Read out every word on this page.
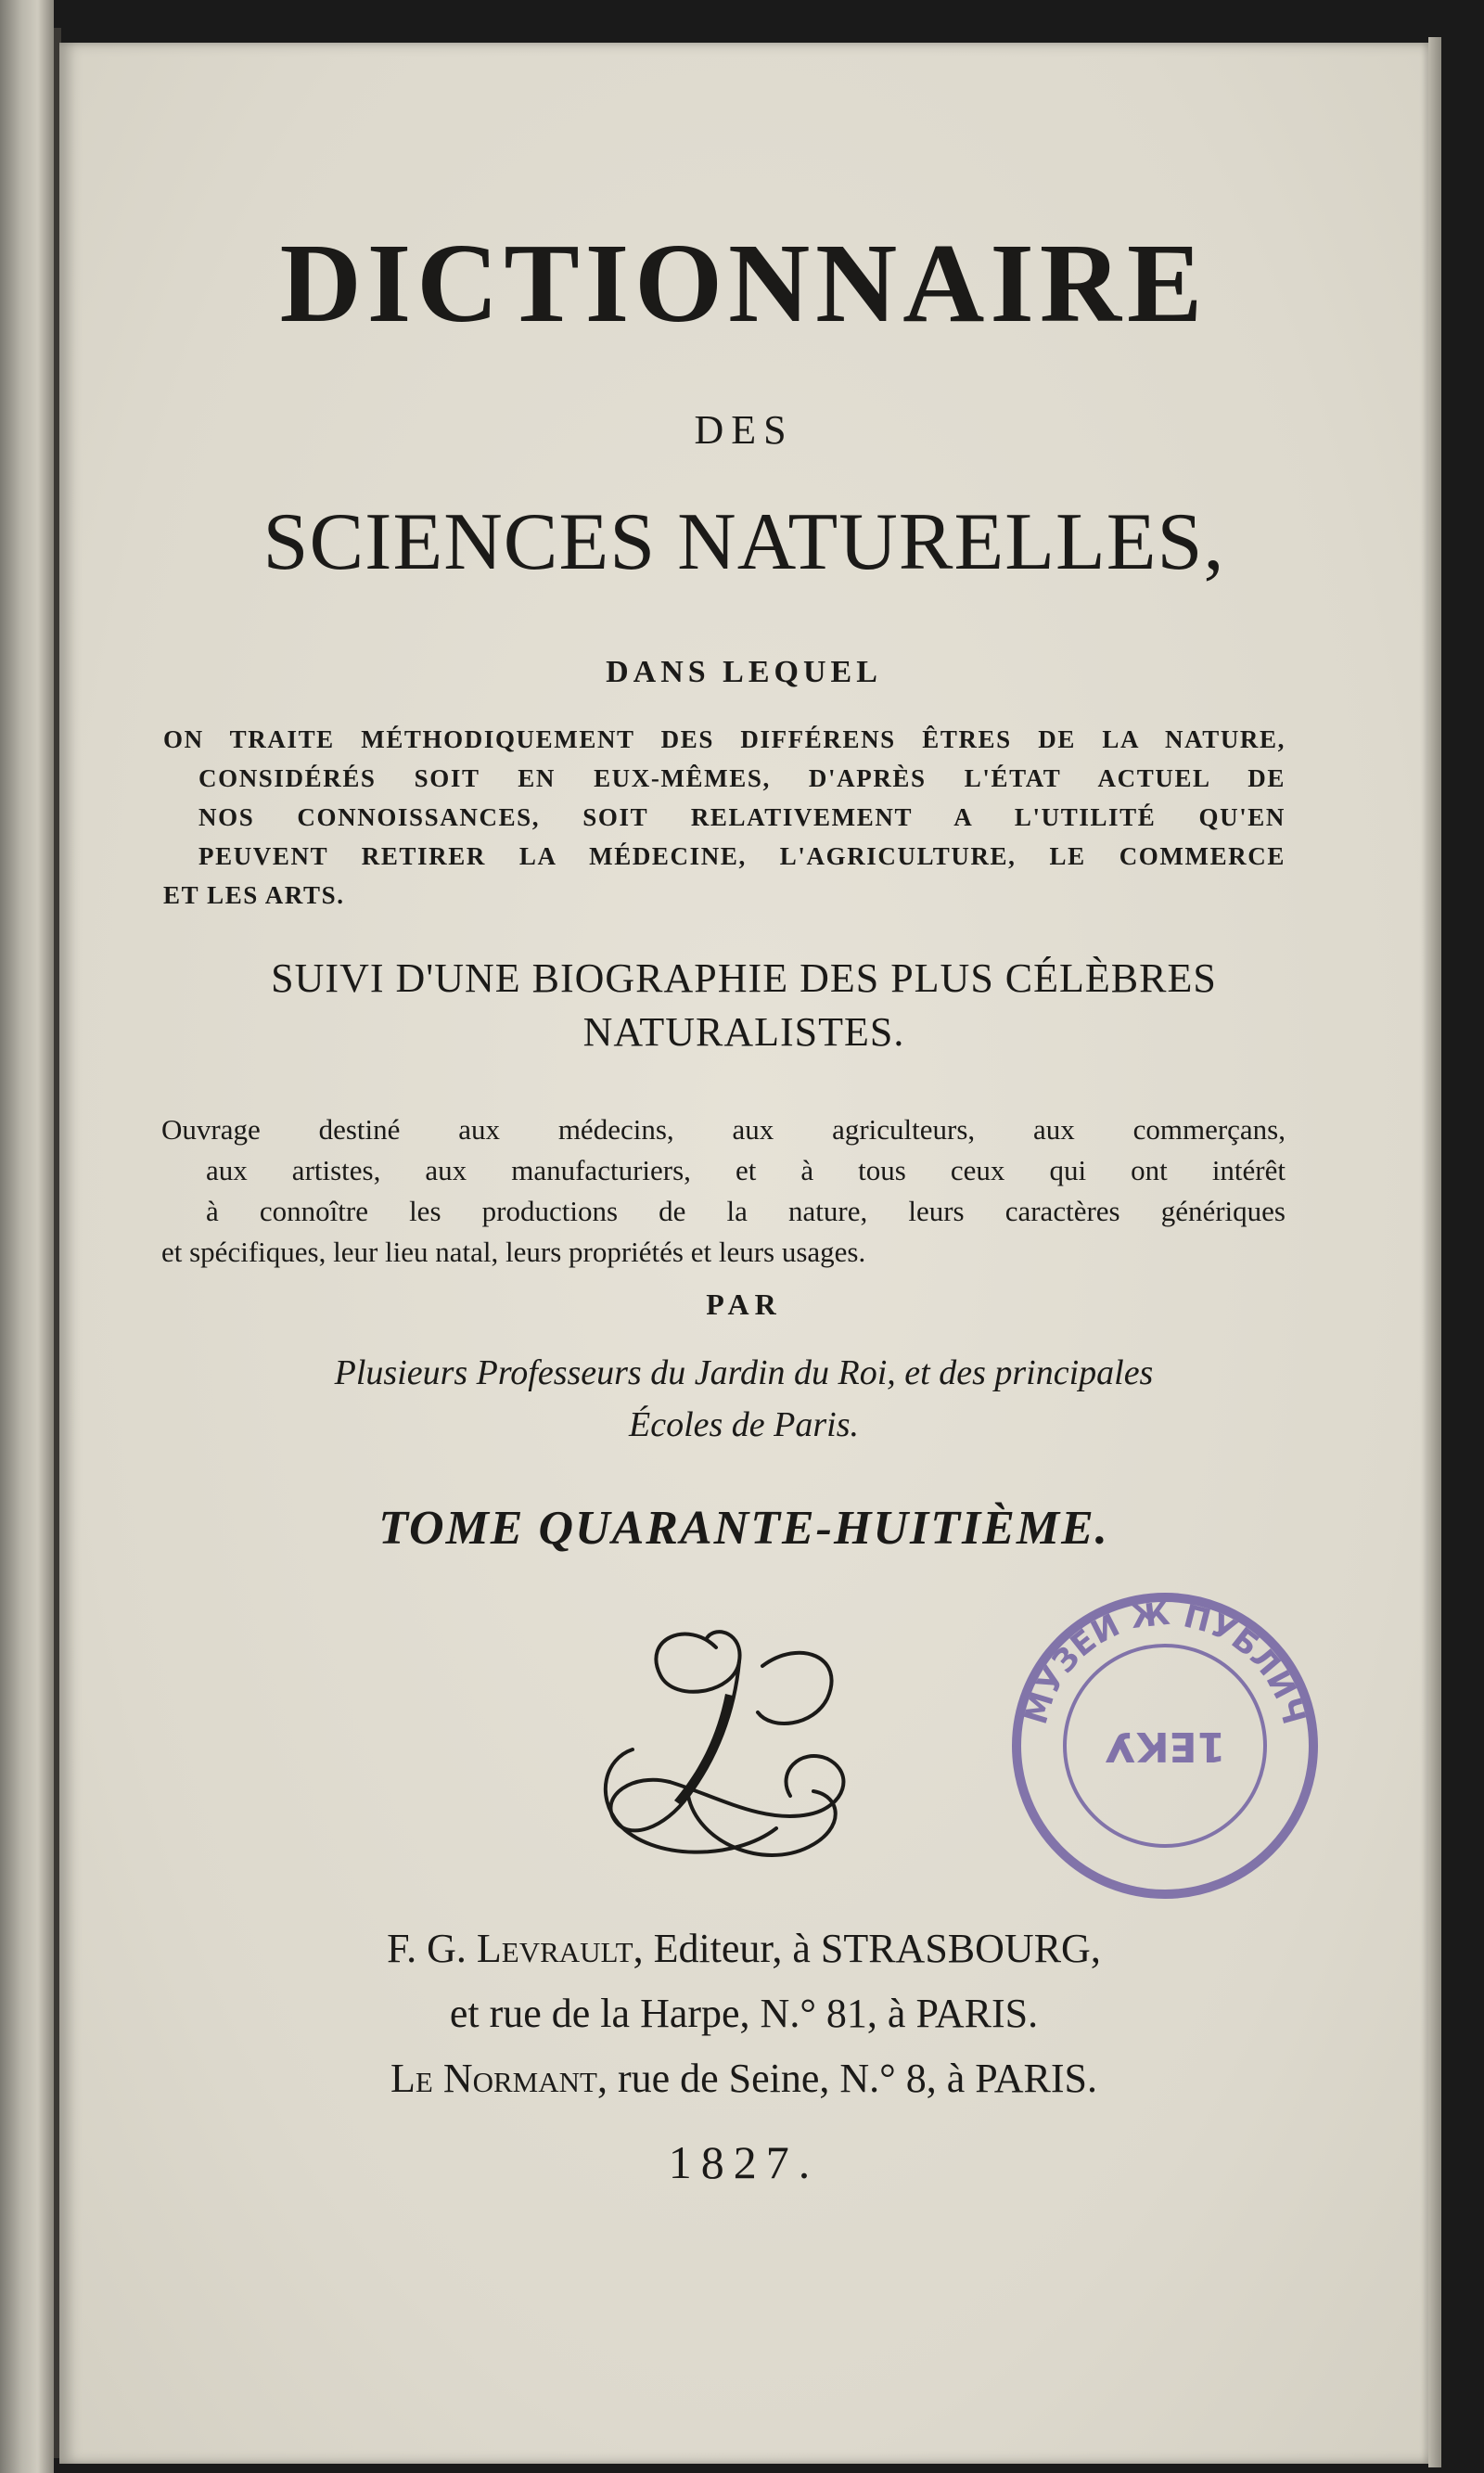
DICTIONNAIRE
DES
SCIENCES NATURELLES,
DANS LEQUEL
ON TRAITE MÉTHODIQUEMENT DES DIFFÉRENS ÊTRES DE LA NATURE,
CONSIDÉRÉS SOIT EN EUX-MÊMES, D'APRÈS L'ÉTAT ACTUEL DE
NOS CONNOISSANCES, SOIT RELATIVEMENT A L'UTILITÉ QU'EN
PEUVENT RETIRER LA MÉDECINE, L'AGRICULTURE, LE COMMERCE
ET LES ARTS.
SUIVI D'UNE BIOGRAPHIE DES PLUS CÉLÈBRES
NATURALISTES.
Ouvrage destiné aux médecins, aux agriculteurs, aux commerçans,
aux artistes, aux manufacturiers, et à tous ceux qui ont intérêt
à connoître les productions de la nature, leurs caractères génériques
et spécifiques, leur lieu natal, leurs propriétés et leurs usages.
PAR
Plusieurs Professeurs du Jardin du Roi, et des principales
Écoles de Paris.
TOME QUARANTE-HUITIÈME.
МУЗЕЙ Ж ПУБЛИЧ
1ЕКУ
F. G. Levrault, Editeur, à STRASBOURG,
et rue de la Harpe, N.° 81, à PARIS.
Le Normant, rue de Seine, N.° 8, à PARIS.
1827.
